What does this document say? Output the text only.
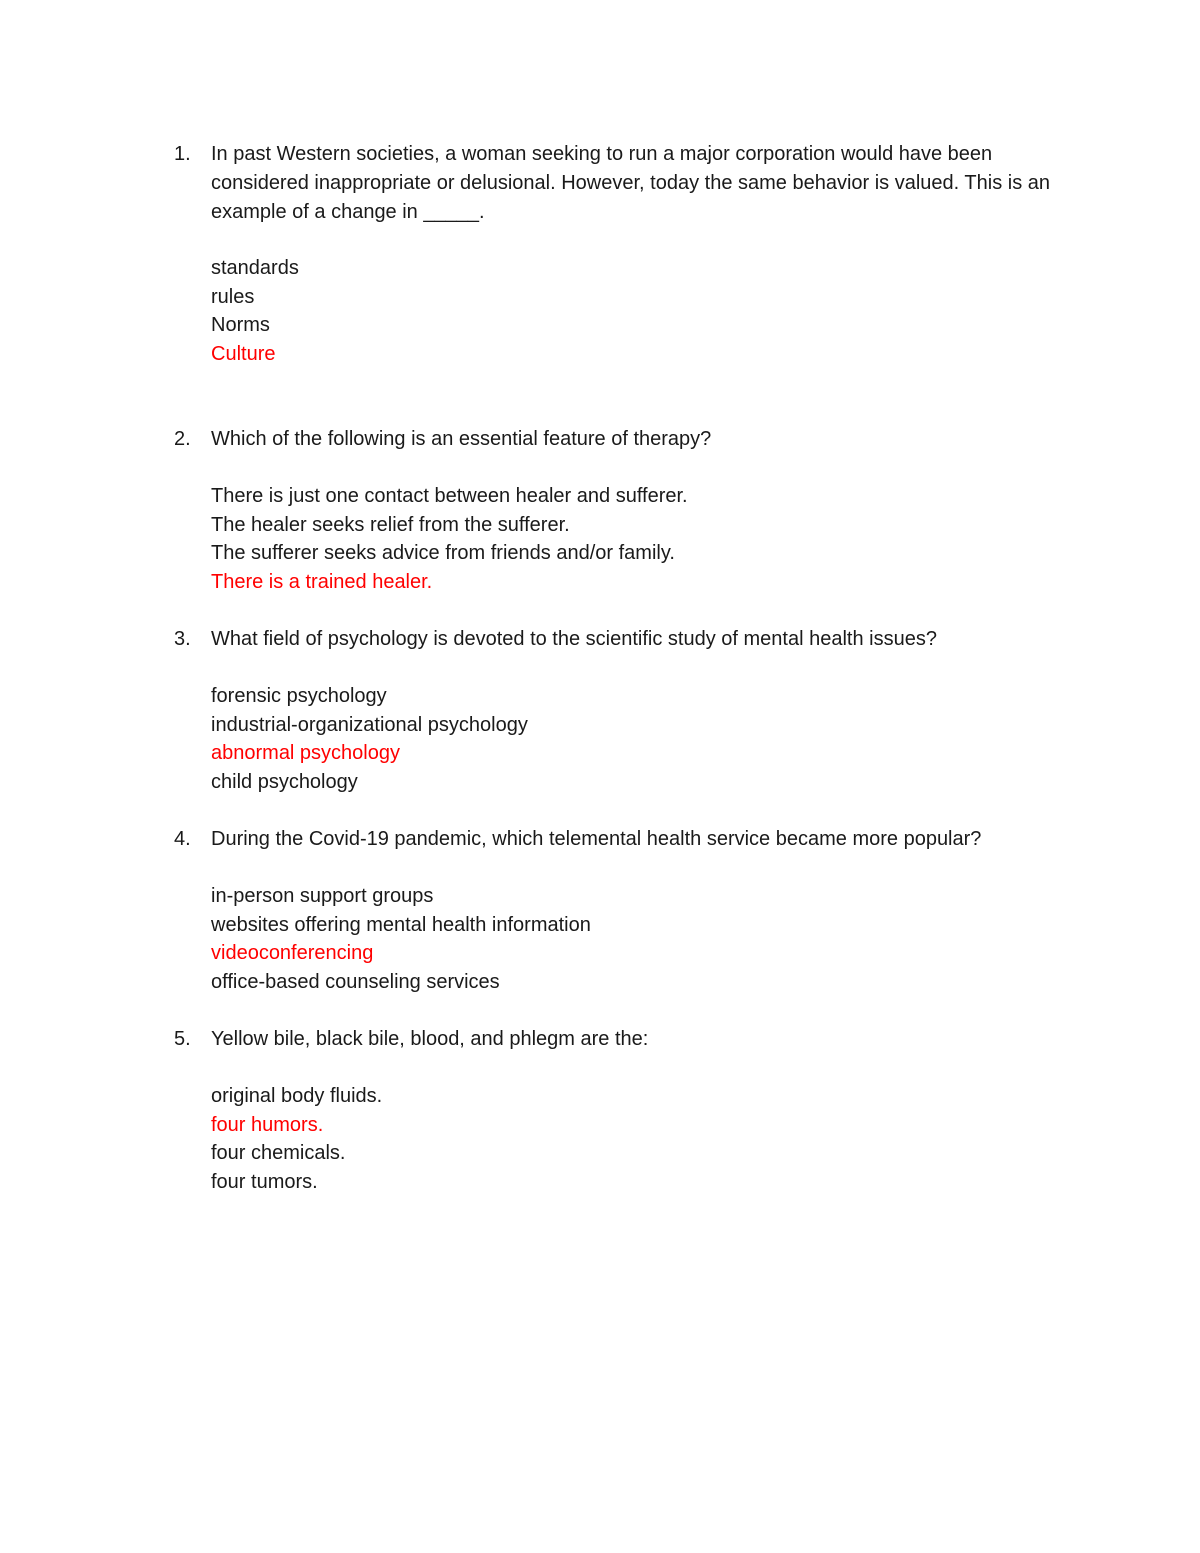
1. In past Western societies, a woman seeking to run a major corporation would have been considered inappropriate or delusional. However, today the same behavior is valued. This is an example of a change in _____.
standards
rules
Norms
Culture
2. Which of the following is an essential feature of therapy?
There is just one contact between healer and sufferer.
The healer seeks relief from the sufferer.
The sufferer seeks advice from friends and/or family.
There is a trained healer.
3. What field of psychology is devoted to the scientific study of mental health issues?
forensic psychology
industrial-organizational psychology
abnormal psychology
child psychology
4. During the Covid-19 pandemic, which telemental health service became more popular?
in-person support groups
websites offering mental health information
videoconferencing
office-based counseling services
5. Yellow bile, black bile, blood, and phlegm are the:
original body fluids.
four humors.
four chemicals.
four tumors.
